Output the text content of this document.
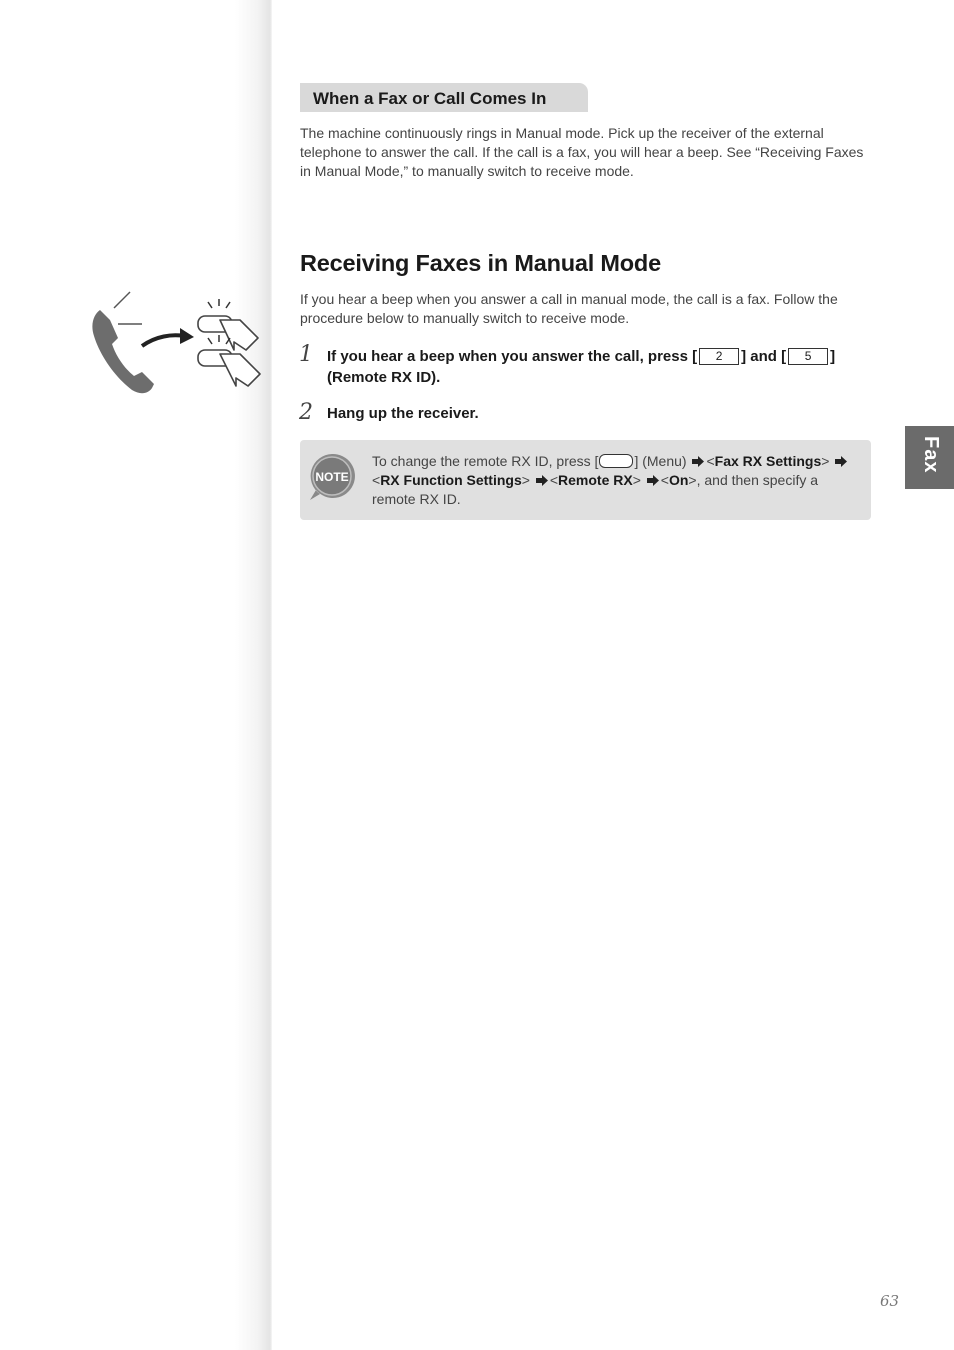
When a Fax or Call Comes In
The machine continuously rings in Manual mode. Pick up the receiver of the external telephone to answer the call. If the call is a fax, you will hear a beep. See “Receiving Faxes in Manual Mode,” to manually switch to receive mode.
Receiving Faxes in Manual Mode
If you hear a beep when you answer a call in manual mode, the call is a fax. Follow the procedure below to manually switch to receive mode.
1 If you hear a beep when you answer the call, press [ 2 ] and [ 5 ] (Remote RX ID).
2 Hang up the receiver.
NOTE
To change the remote RX ID, press [	] (Menu) <Fax RX Settings> <RX Function Settings> <Remote RX> <On>, and then specify a remote RX ID.
Fax
63
